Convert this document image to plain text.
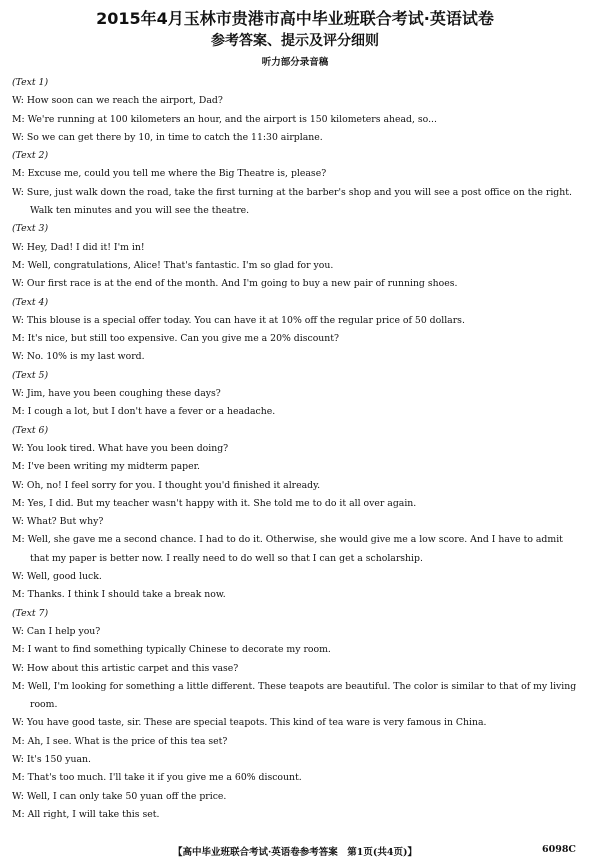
2015年4月玉林市贵港市高中毕业班联合考试·英语试卷
参考答案、提示及评分细则
听力部分录音稿
(Text 1)
W: How soon can we reach the airport, Dad?
M: We're running at 100 kilometers an hour, and the airport is 150 kilometers ahead, so...
W: So we can get there by 10, in time to catch the 11:30 airplane.
(Text 2)
M: Excuse me, could you tell me where the Big Theatre is, please?
W: Sure, just walk down the road, take the first turning at the barber's shop and you will see a post office on the right. Walk ten minutes and you will see the theatre.
(Text 3)
W: Hey, Dad! I did it! I'm in!
M: Well, congratulations, Alice! That's fantastic. I'm so glad for you.
W: Our first race is at the end of the month. And I'm going to buy a new pair of running shoes.
(Text 4)
W: This blouse is a special offer today. You can have it at 10% off the regular price of 50 dollars.
M: It's nice, but still too expensive. Can you give me a 20% discount?
W: No. 10% is my last word.
(Text 5)
W: Jim, have you been coughing these days?
M: I cough a lot, but I don't have a fever or a headache.
(Text 6)
W: You look tired. What have you been doing?
M: I've been writing my midterm paper.
W: Oh, no! I feel sorry for you. I thought you'd finished it already.
M: Yes, I did. But my teacher wasn't happy with it. She told me to do it all over again.
W: What? But why?
M: Well, she gave me a second chance. I had to do it. Otherwise, she would give me a low score. And I have to admit that my paper is better now. I really need to do well so that I can get a scholarship.
W: Well, good luck.
M: Thanks. I think I should take a break now.
(Text 7)
W: Can I help you?
M: I want to find something typically Chinese to decorate my room.
W: How about this artistic carpet and this vase?
M: Well, I'm looking for something a little different. These teapots are beautiful. The color is similar to that of my living room.
W: You have good taste, sir. These are special teapots. This kind of tea ware is very famous in China.
M: Ah, I see. What is the price of this tea set?
W: It's 150 yuan.
M: That's too much. I'll take it if you give me a 60% discount.
W: Well, I can only take 50 yuan off the price.
M: All right, I will take this set.
【高中毕业班联合考试·英语卷参考答案　第1页(共4页)】	6098C
